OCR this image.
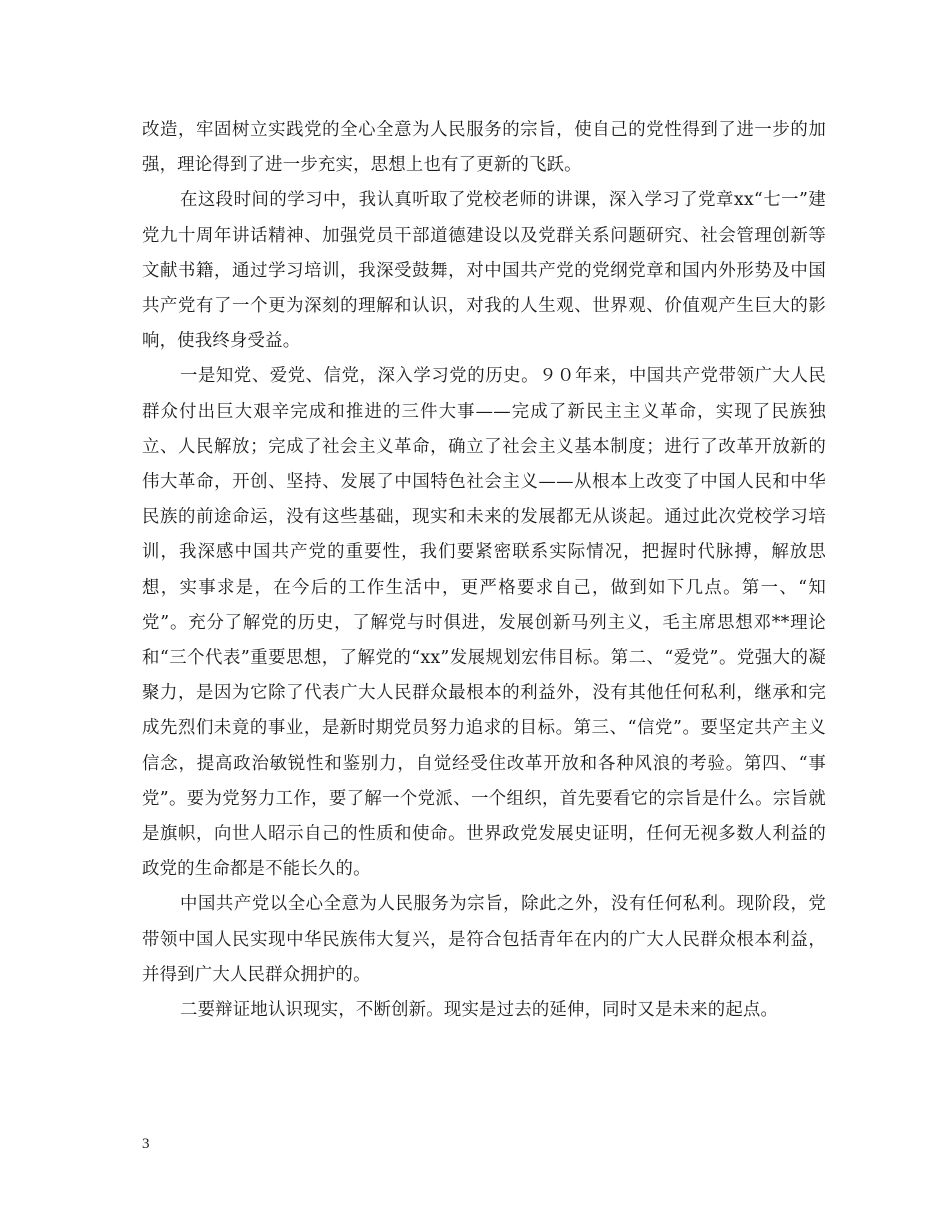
改造，牢固树立实践党的全心全意为人民服务的宗旨，使自己的党性得到了进一步的加强，理论得到了进一步充实，思想上也有了更新的飞跃。

在这段时间的学习中，我认真听取了党校老师的讲课，深入学习了党章xx“七一”建党九十周年讲话精神、加强党员干部道德建设以及党群关系问题研究、社会管理创新等文献书籍，通过学习培训，我深受鼓舞，对中国共产党的党纲党章和国内外形势及中国共产党有了一个更为深刻的理解和认识，对我的人生观、世界观、价值观产生巨大的影响，使我终身受益。

一是知党、爱党、信党，深入学习党的历史。９０年来，中国共产党带领广大人民群众付出巨大艰辛完成和推进的三件大事——完成了新民主主义革命，实现了民族独立、人民解放；完成了社会主义革命，确立了社会主义基本制度；进行了改革开放新的伟大革命，开创、坚持、发展了中国特色社会主义——从根本上改变了中国人民和中华民族的前途命运，没有这些基础，现实和未来的发展都无从谈起。通过此次党校学习培训，我深感中国共产党的重要性，我们要紧密联系实际情况，把握时代脉搏，解放思想，实事求是，在今后的工作生活中，更严格要求自己，做到如下几点。第一、“知党”。充分了解党的历史，了解党与时俱进，发展创新马列主义，毛主席思想邓**理论和“三个代表”重要思想，了解党的“xx”发展规划宏伟目标。第二、“爱党”。党强大的凝聚力，是因为它除了代表广大人民群众最根本的利益外，没有其他任何私利，继承和完成先烈们未竟的事业，是新时期党员努力追求的目标。第三、“信党”。要坚定共产主义信念，提高政治敏锐性和鉴别力，自觉经受住改革开放和各种风浪的考验。第四、“事党”。要为党努力工作，要了解一个党派、一个组织，首先要看它的宗旨是什么。宗旨就是旗帜，向世人昭示自己的性质和使命。世界政党发展史证明，任何无视多数人利益的政党的生命都是不能长久的。

中国共产党以全心全意为人民服务为宗旨，除此之外，没有任何私利。现阶段，党带领中国人民实现中华民族伟大复兴，是符合包括青年在内的广大人民群众根本利益，并得到广大人民群众拥护的。

二要辩证地认识现实，不断创新。现实是过去的延伸，同时又是未来的起点。

3
